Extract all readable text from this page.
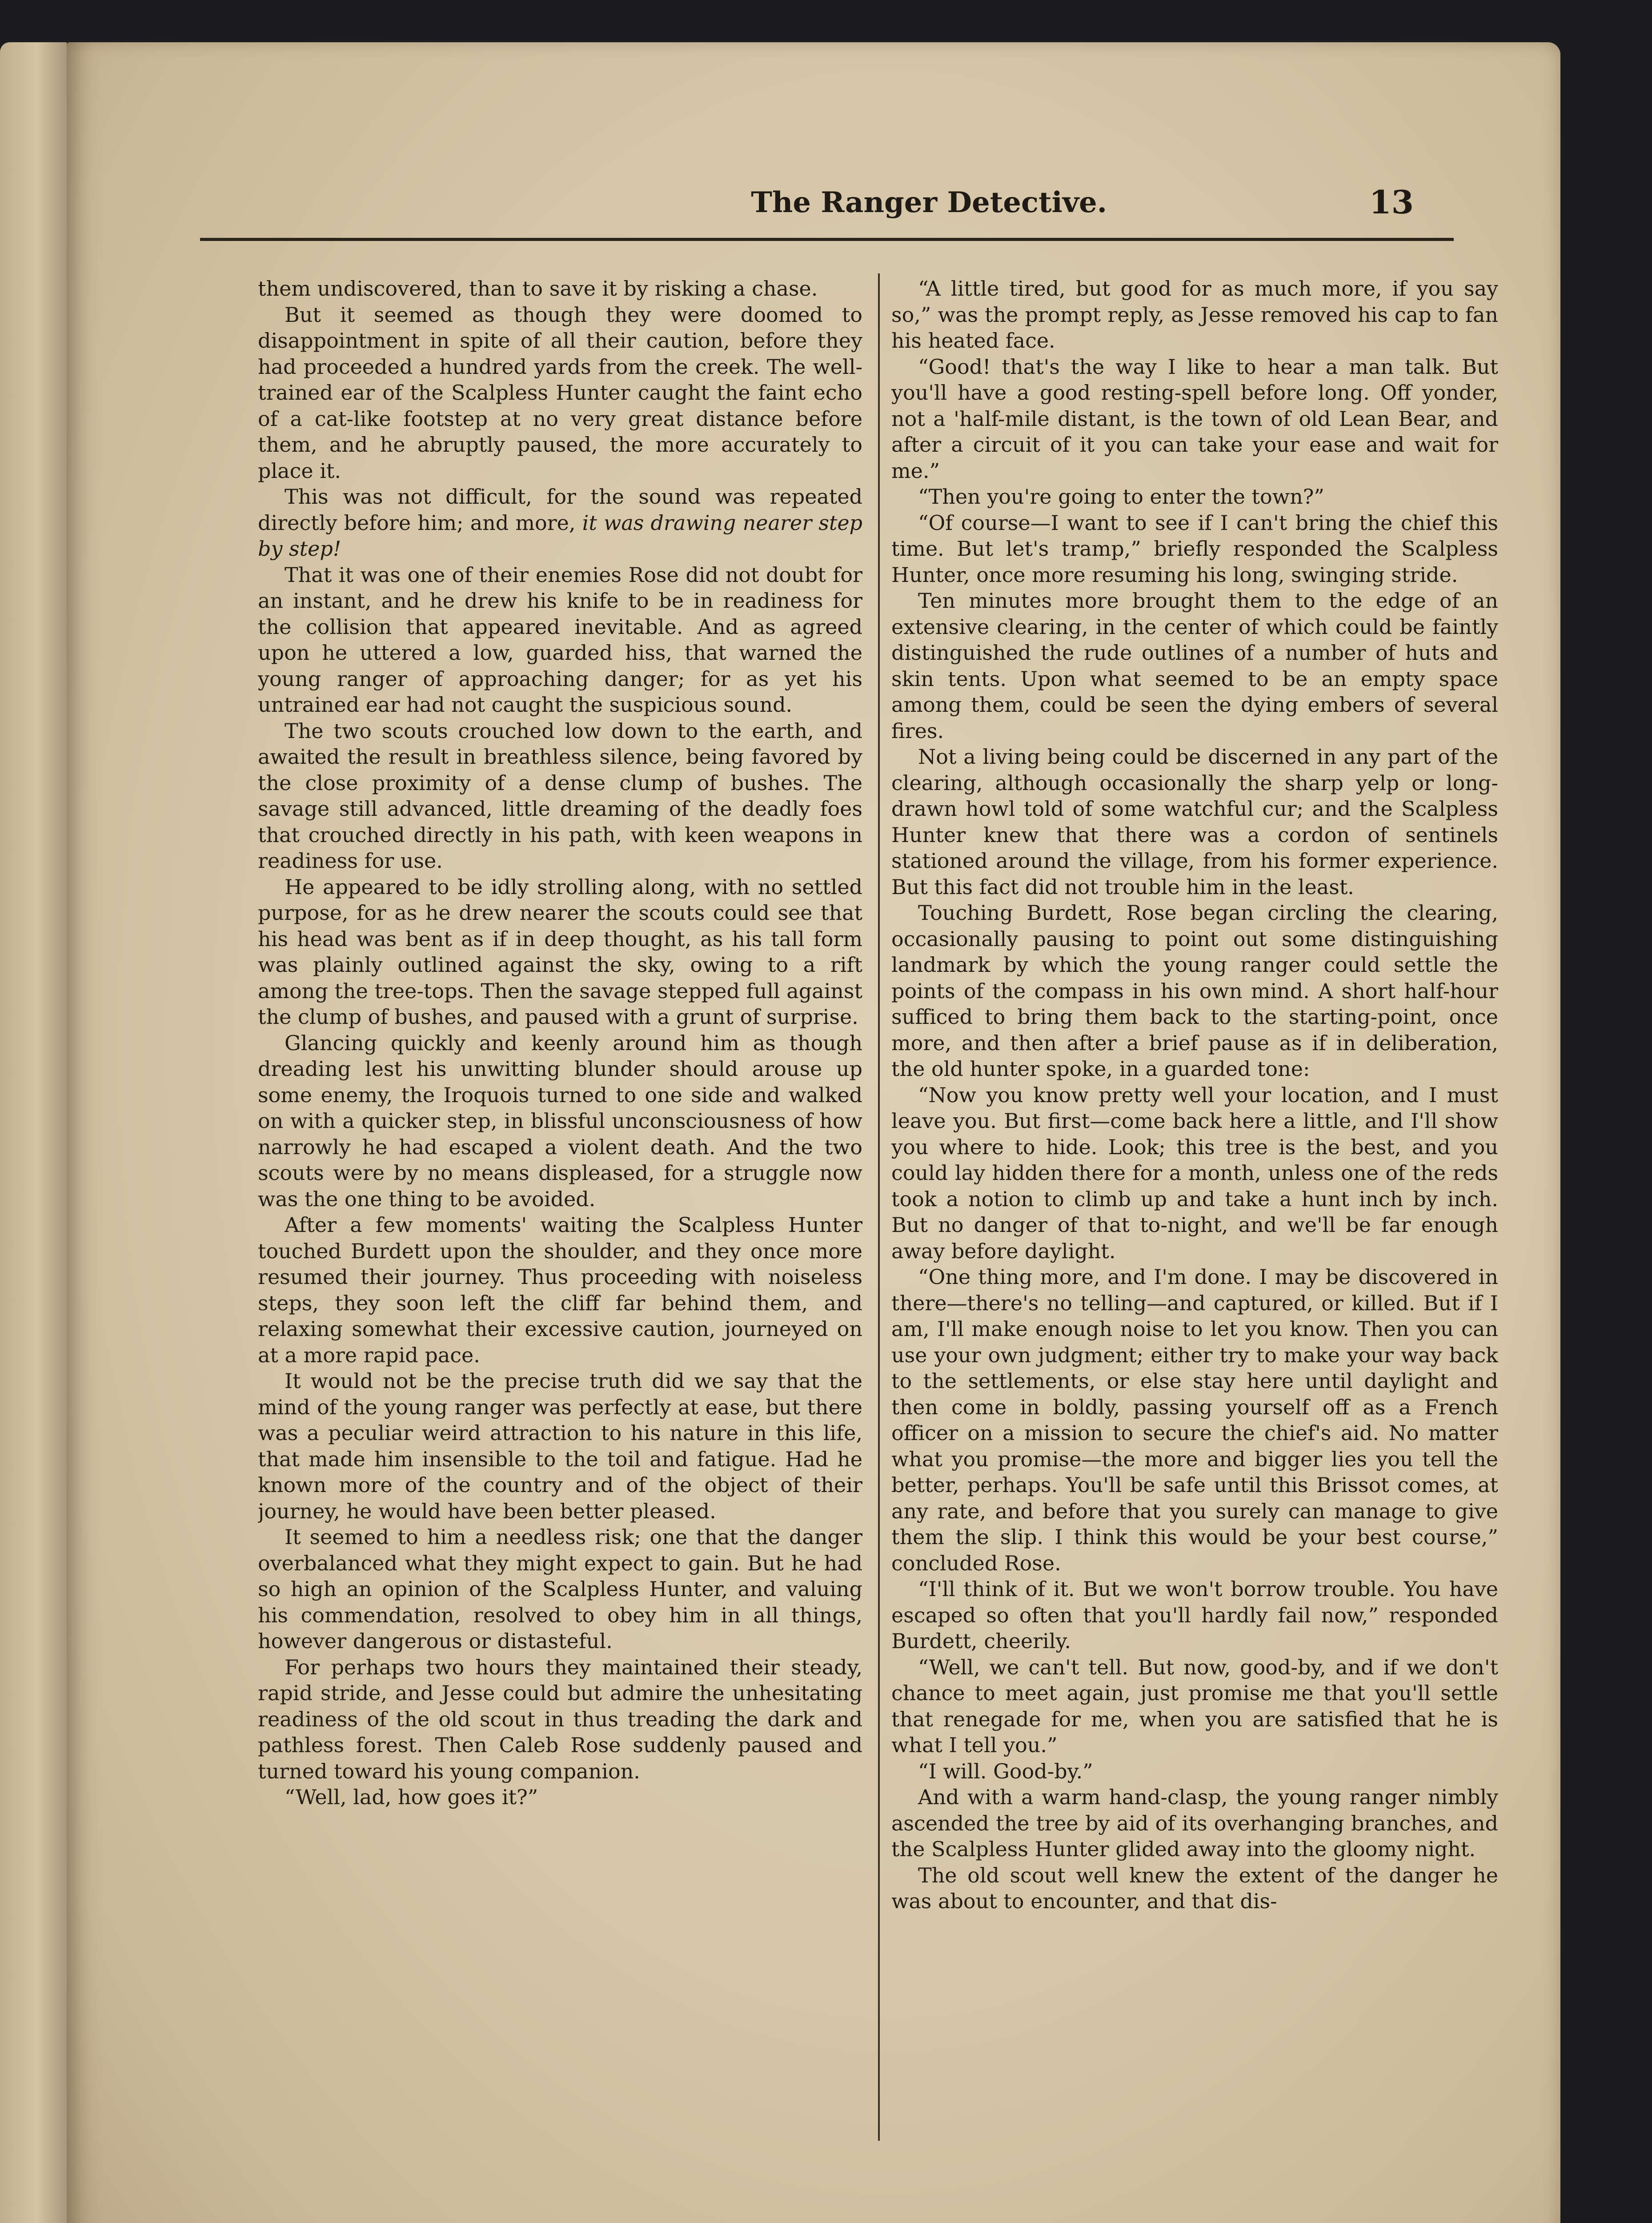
The Ranger Detective.	13

them undiscovered, than to save it by risking a chase.

But it seemed as though they were doomed to disappointment in spite of all their caution, before they had proceeded a hundred yards from the creek. The well-trained ear of the Scalpless Hunter caught the faint echo of a cat-like footstep at no very great distance before them, and he abruptly paused, the more accurately to place it.

This was not difficult, for the sound was repeated directly before him; and more, it was drawing nearer step by step!

That it was one of their enemies Rose did not doubt for an instant, and he drew his knife to be in readiness for the collision that appeared inevitable. And as agreed upon he uttered a low, guarded hiss, that warned the young ranger of approaching danger; for as yet his untrained ear had not caught the suspicious sound.

The two scouts crouched low down to the earth, and awaited the result in breathless silence, being favored by the close proximity of a dense clump of bushes. The savage still advanced, little dreaming of the deadly foes that crouched directly in his path, with keen weapons in readiness for use.

He appeared to be idly strolling along, with no settled purpose, for as he drew nearer the scouts could see that his head was bent as if in deep thought, as his tall form was plainly outlined against the sky, owing to a rift among the tree-tops. Then the savage stepped full against the clump of bushes, and paused with a grunt of surprise.

Glancing quickly and keenly around him as though dreading lest his unwitting blunder should arouse up some enemy, the Iroquois turned to one side and walked on with a quicker step, in blissful unconsciousness of how narrowly he had escaped a violent death. And the two scouts were by no means displeased, for a struggle now was the one thing to be avoided.

After a few moments' waiting the Scalpless Hunter touched Burdett upon the shoulder, and they once more resumed their journey. Thus proceeding with noiseless steps, they soon left the cliff far behind them, and relaxing somewhat their excessive caution, journeyed on at a more rapid pace.

It would not be the precise truth did we say that the mind of the young ranger was perfectly at ease, but there was a peculiar weird attraction to his nature in this life, that made him insensible to the toil and fatigue. Had he known more of the country and of the object of their journey, he would have been better pleased.

It seemed to him a needless risk; one that the danger overbalanced what they might expect to gain. But he had so high an opinion of the Scalpless Hunter, and valuing his commendation, resolved to obey him in all things, however dangerous or distasteful.

For perhaps two hours they maintained their steady, rapid stride, and Jesse could but admire the unhesitating readiness of the old scout in thus treading the dark and pathless forest. Then Caleb Rose suddenly paused and turned toward his young companion.

“Well, lad, how goes it?”

“A little tired, but good for as much more, if you say so,” was the prompt reply, as Jesse removed his cap to fan his heated face.

“Good! that's the way I like to hear a man talk. But you'll have a good resting-spell before long. Off yonder, not a 'half-mile distant, is the town of old Lean Bear, and after a circuit of it you can take your ease and wait for me.”

“Then you're going to enter the town?”

“Of course—I want to see if I can't bring the chief this time. But let's tramp,” briefly responded the Scalpless Hunter, once more resuming his long, swinging stride.

Ten minutes more brought them to the edge of an extensive clearing, in the center of which could be faintly distinguished the rude outlines of a number of huts and skin tents. Upon what seemed to be an empty space among them, could be seen the dying embers of several fires.

Not a living being could be discerned in any part of the clearing, although occasionally the sharp yelp or long-drawn howl told of some watchful cur; and the Scalpless Hunter knew that there was a cordon of sentinels stationed around the village, from his former experience. But this fact did not trouble him in the least.

Touching Burdett, Rose began circling the clearing, occasionally pausing to point out some distinguishing landmark by which the young ranger could settle the points of the compass in his own mind. A short half-hour sufficed to bring them back to the starting-point, once more, and then after a brief pause as if in deliberation, the old hunter spoke, in a guarded tone:

“Now you know pretty well your location, and I must leave you. But first—come back here a little, and I'll show you where to hide. Look; this tree is the best, and you could lay hidden there for a month, unless one of the reds took a notion to climb up and take a hunt inch by inch. But no danger of that to-night, and we'll be far enough away before daylight.

“One thing more, and I'm done. I may be discovered in there—there's no telling—and captured, or killed. But if I am, I'll make enough noise to let you know. Then you can use your own judgment; either try to make your way back to the settlements, or else stay here until daylight and then come in boldly, passing yourself off as a French officer on a mission to secure the chief's aid. No matter what you promise—the more and bigger lies you tell the better, perhaps. You'll be safe until this Brissot comes, at any rate, and before that you surely can manage to give them the slip. I think this would be your best course,” concluded Rose.

“I'll think of it. But we won't borrow trouble. You have escaped so often that you'll hardly fail now,” responded Burdett, cheerily.

“Well, we can't tell. But now, good-by, and if we don't chance to meet again, just promise me that you'll settle that renegade for me, when you are satisfied that he is what I tell you.”

“I will. Good-by.”

And with a warm hand-clasp, the young ranger nimbly ascended the tree by aid of its overhanging branches, and the Scalpless Hunter glided away into the gloomy night.

The old scout well knew the extent of the danger he was about to encounter, and that dis-
